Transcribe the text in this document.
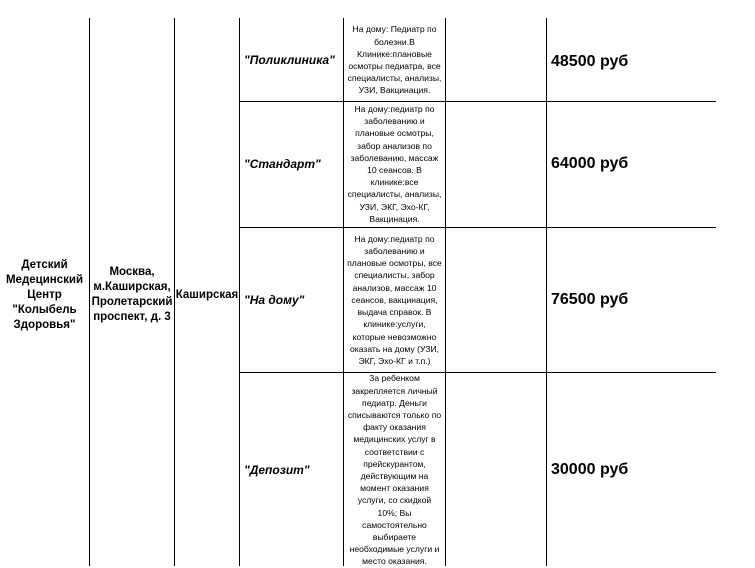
Детский Медецинский Центр "Колыбель Здоровья"
Москва, м.Каширская, Пролетарский проспект, д. 3
Каширская
"Поликлиника"
На дому: Педиатр по болезни.В Клинике:плановые осмотры педиатра, все специалисты, анализы, УЗИ, Вакцинация.
48500 руб
"Стандарт"
На дому:педиатр по заболеванию и плановые осмотры, забор анализов по заболеванию, массаж 10 сеансов. В клинике:все специалисты, анализы, УЗИ, ЭКГ, Эхо-КГ, Вакцинация.
64000 руб
"На дому"
На дому:педиатр по заболеванию и плановые осмотры, все специалисты, забор анализов, массаж 10 сеансов, вакцинация, выдача справок. В клинике:услуги, которые невозможно оказать на дому (УЗИ, ЭКГ, Эхо-КГ и т.п.)
76500 руб
"Депозит"
За ребенком закрепляется личный педиатр. Деньги списываются только по факту оказания медицинских услуг в соответствии с прейскурантом, действующим на момент оказания услуги, со скидкой 10%; Вы самостоятельно выбираете необходимые услуги и место оказания.
30000 руб
